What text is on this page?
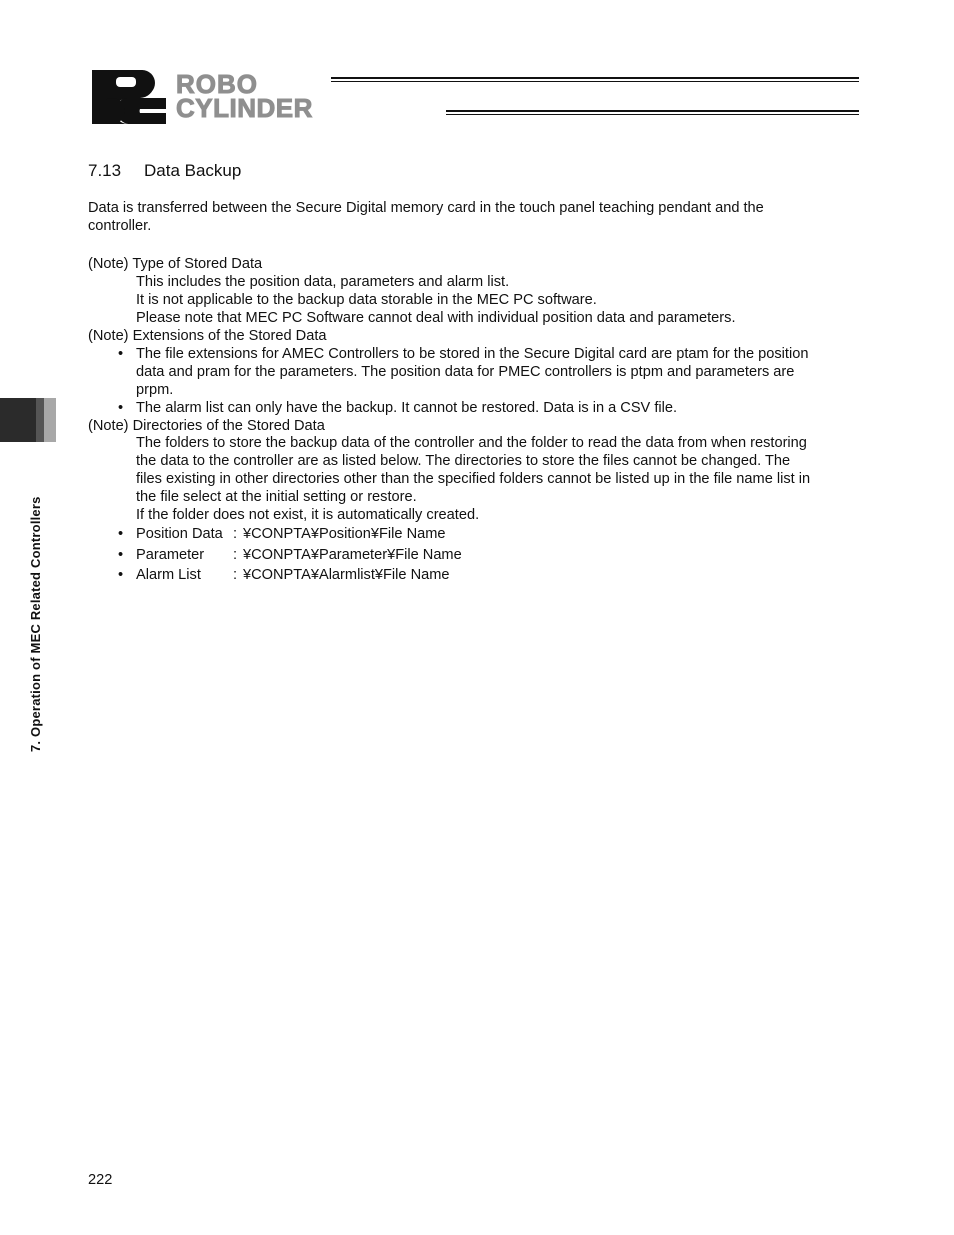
ROBO
CYLINDER
7. Operation of MEC Related Controllers
7.13 Data Backup
Data is transferred between the Secure Digital memory card in the touch panel teaching pendant and the
controller.
(Note) Type of Stored Data
This includes the position data, parameters and alarm list.
It is not applicable to the backup data storable in the MEC PC software.
Please note that MEC PC Software cannot deal with individual position data and parameters.
(Note) Extensions of the Stored Data
• The file extensions for AMEC Controllers to be stored in the Secure Digital card are ptam for the position
data and pram for the parameters. The position data for PMEC controllers is ptpm and parameters are
prpm.
• The alarm list can only have the backup. It cannot be restored. Data is in a CSV file.
(Note) Directories of the Stored Data
The folders to store the backup data of the controller and the folder to read the data from when restoring
the data to the controller are as listed below. The directories to store the files cannot be changed. The
files existing in other directories other than the specified folders cannot be listed up in the file name list in
the file select at the initial setting or restore.
If the folder does not exist, it is automatically created.
• Position Data : ¥CONPTA¥Position¥File Name
• Parameter : ¥CONPTA¥Parameter¥File Name
• Alarm List : ¥CONPTA¥Alarmlist¥File Name
222
